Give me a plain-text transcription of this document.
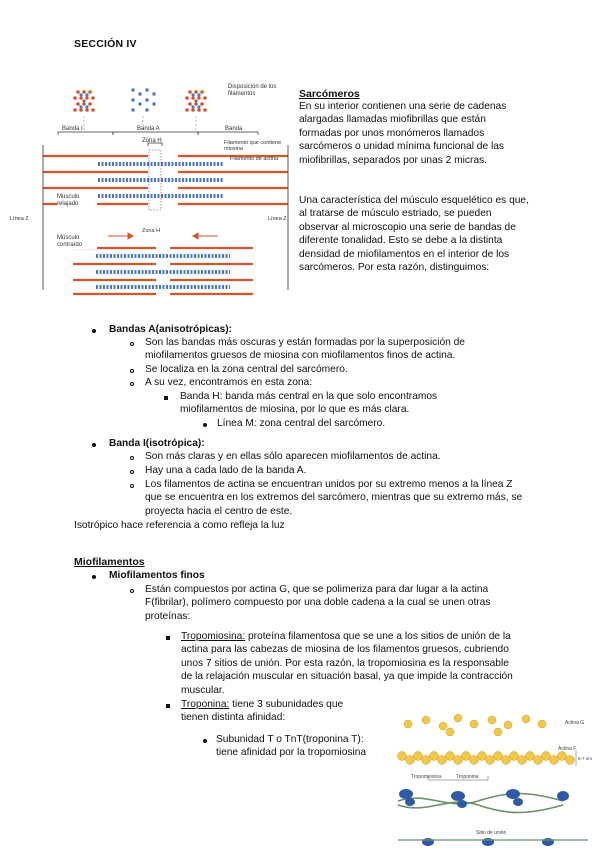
SECCIÓN IV
Disposición de los filamentos
Banda I	Banda A	Banda
Zona H	Filamento que contiene miosina
Filamento de actina
Músculo relajado
Línea Z	Línea Z
Zona H
Músculo contraído
Sarcómeros
En su interior contienen una serie de cadenas alargadas llamadas miofibrillas que están formadas por unos monómeros llamados sarcómeros o unidad mínima funcional de las miofibrillas, separados por unas 2 micras.
Una característica del músculo esquelético es que, al tratarse de músculo estriado, se pueden observar al microscopio una serie de bandas de diferente tonalidad. Esto se debe a la distinta densidad de miofilamentos en el interior de los sarcómeros. Por esta razón, distinguimos:
Bandas A(anisotrópicas):
Son las bandas más oscuras y están formadas por la superposición de miofilamentos gruesos de miosina con miofilamentos finos de actina.
Se localiza en la zona central del sarcómero.
A su vez, encontramos en esta zona:
Banda H: banda más central en la que solo encontramos miofilamentos de miosina, por lo que es más clara.
Línea M: zona central del sarcómero.
Banda I(isotrópica):
Son más claras y en ellas sólo aparecen miofilamentos de actina.
Hay una a cada lado de la banda A.
Los filamentos de actina se encuentran unidos por su extremo menos a la línea Z que se encuentra en los extremos del sarcómero, mientras que su extremo más, se proyecta hacia el centro de este.
Isotrópico hace referencia a como refleja la luz
Miofilamentos
Miofilamentos finos
Están compuestos por actina G, que se polimeriza para dar lugar a la actina F(fibrilar), polímero compuesto por una doble cadena a la cual se unen otras proteínas:
Tropomiosina: proteína filamentosa que se une a los sitios de unión de la actina para las cabezas de miosina de los filamentos gruesos, cubriendo unos 7 sitios de unión. Por esta razón, la tropomiosina es la responsable de la relajación muscular en situación basal, ya que impide la contracción muscular.
Troponina: tiene 3 subunidades que tienen distinta afinidad:
Subunidad T o TnT(troponina T): tiene afinidad por la tropomiosina
Actina G
Actina F
5-7 nm
Tropomiosina	Troponina
Sitio de unión
